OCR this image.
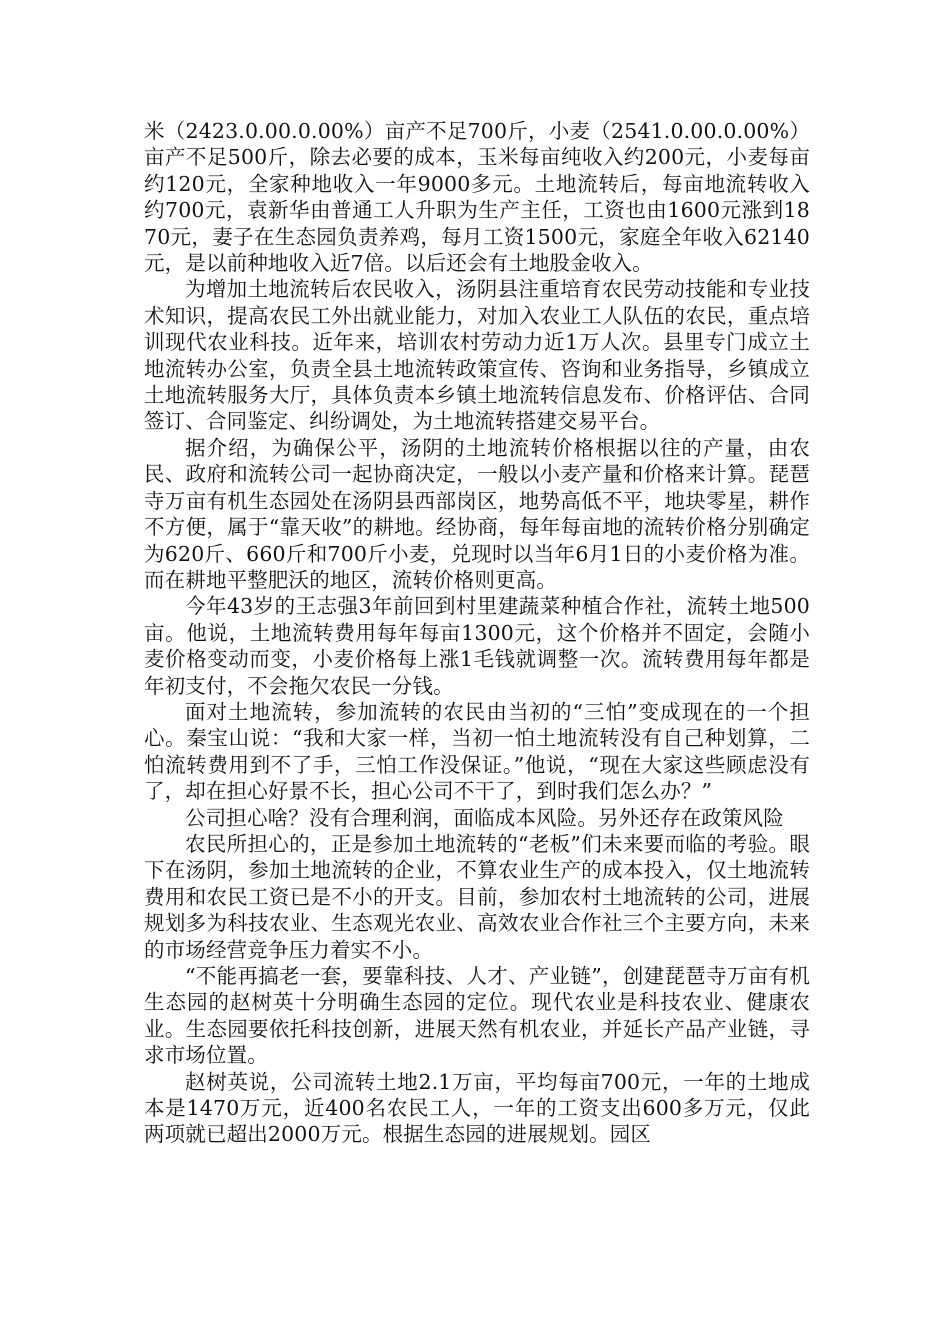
米（2423.0.00.0.00%）亩产不足700斤，小麦（2541.0.00.0.00%）亩产不足500斤，除去必要的成本，玉米每亩纯收入约200元，小麦每亩约120元，全家种地收入一年9000多元。土地流转后，每亩地流转收入约700元，袁新华由普通工人升职为生产主任，工资也由1600元涨到1870元，妻子在生态园负责养鸡，每月工资1500元，家庭全年收入62140元，是以前种地收入近7倍。以后还会有土地股金收入。

为增加土地流转后农民收入，汤阴县注重培育农民劳动技能和专业技术知识，提高农民工外出就业能力，对加入农业工人队伍的农民，重点培训现代农业科技。近年来，培训农村劳动力近1万人次。县里专门成立土地流转办公室，负责全县土地流转政策宣传、咨询和业务指导，乡镇成立土地流转服务大厅，具体负责本乡镇土地流转信息发布、价格评估、合同签订、合同鉴定、纠纷调处，为土地流转搭建交易平台。

据介绍，为确保公平，汤阴的土地流转价格根据以往的产量，由农民、政府和流转公司一起协商决定，一般以小麦产量和价格来计算。琵琶寺万亩有机生态园处在汤阴县西部岗区，地势高低不平，地块零星，耕作不方便，属于“靠天收”的耕地。经协商，每年每亩地的流转价格分别确定为620斤、660斤和700斤小麦，兑现时以当年6月1日的小麦价格为准。而在耕地平整肥沃的地区，流转价格则更高。

今年43岁的王志强3年前回到村里建蔬菜种植合作社，流转土地500亩。他说，土地流转费用每年每亩1300元，这个价格并不固定，会随小麦价格变动而变，小麦价格每上涨1毛钱就调整一次。流转费用每年都是年初支付，不会拖欠农民一分钱。

面对土地流转，参加流转的农民由当初的“三怕”变成现在的一个担心。秦宝山说：“我和大家一样，当初一怕土地流转没有自己种划算，二怕流转费用到不了手，三怕工作没保证。”他说，“现在大家这些顾虑没有了，却在担心好景不长，担心公司不干了，到时我们怎么办？”

公司担心啥？没有合理利润，面临成本风险。另外还存在政策风险

农民所担心的，正是参加土地流转的“老板”们未来要而临的考验。眼下在汤阴，参加土地流转的企业，不算农业生产的成本投入，仅土地流转费用和农民工资已是不小的开支。目前，参加农村土地流转的公司，进展规划多为科技农业、生态观光农业、高效农业合作社三个主要方向，未来的市场经营竞争压力着实不小。

“不能再搞老一套，要靠科技、人才、产业链”，创建琵琶寺万亩有机生态园的赵树英十分明确生态园的定位。现代农业是科技农业、健康农业。生态园要依托科技创新，进展天然有机农业，并延长产品产业链，寻求市场位置。

赵树英说，公司流转土地2.1万亩，平均每亩700元，一年的土地成本是1470万元，近400名农民工人，一年的工资支出600多万元，仅此两项就已超出2000万元。根据生态园的进展规划。园区
